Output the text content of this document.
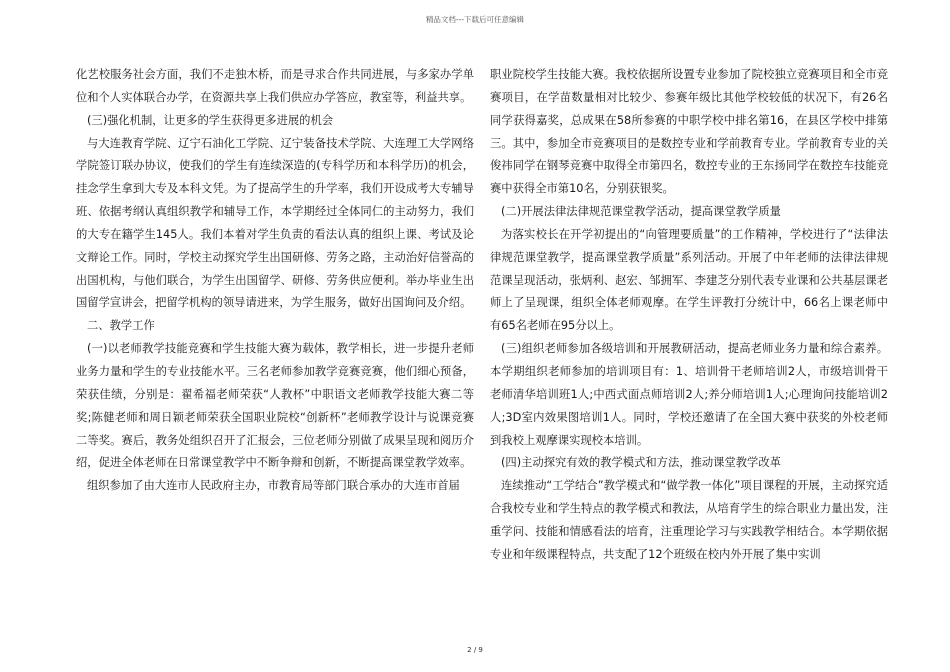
精品文档---下载后可任意编辑

化艺校服务社会方面，我们不走独木桥，而是寻求合作共同进展，与多家办学单位和个人实体联合办学，在资源共享上我们供应办学答应，教室等，利益共享。

(三)强化机制，让更多的学生获得更多进展的机会

与大连教育学院、辽宁石油化工学院、辽宁装备技术学院、大连理工大学网络学院签订联办协议，使我们的学生有连续深造的(专科学历和本科学历)的机会，挂念学生拿到大专及本科文凭。为了提高学生的升学率，我们开设成考大专辅导班、依据考纲认真组织教学和辅导工作，本学期经过全体同仁的主动努力，我们的大专在籍学生145人。我们本着对学生负责的看法认真的组织上课、考试及论文辩论工作。同时，学校主动探究学生出国研修、劳务之路，主动治好信誉高的出国机构，与他们联合，为学生出国留学、研修、劳务供应便利。举办毕业生出国留学宣讲会，把留学机构的领导请进来，为学生服务，做好出国询问及介绍。

二、教学工作

(一)以老师教学技能竞赛和学生技能大赛为载体，教学相长，进一步提升老师业务力量和学生的专业技能水平。三名老师参加教学竞赛竞赛，他们细心预备，荣获佳绩，分别是：翟希福老师荣获“人教杯”中职语文老师教学技能大赛二等奖;陈健老师和周日颖老师荣获全国职业院校“创新杯”老师教学设计与说课竞赛二等奖。赛后，教务处组织召开了汇报会，三位老师分别做了成果呈现和阅历介绍，促进全体老师在日常课堂教学中不断争辩和创新，不断提高课堂教学效率。

组织参加了由大连市人民政府主办，市教育局等部门联合承办的大连市首届

职业院校学生技能大赛。我校依据所设置专业参加了院校独立竞赛项目和全市竞赛项目，在学苗数量相对比较少、参赛年级比其他学校较低的状况下，有26名同学获得嘉奖，总成果在58所参赛的中职学校中排名第16，在县区学校中排第三。其中，参加全市竞赛项目的是数控专业和学前教育专业。学前教育专业的关俊祎同学在钢琴竞赛中取得全市第四名，数控专业的王东扬同学在数控车技能竞赛中获得全市第10名，分别获银奖。

(二)开展法律法律规范课堂教学活动，提高课堂教学质量

为落实校长在开学初提出的“向管理要质量”的工作精神，学校进行了“法律法律规范课堂教学，提高课堂教学质量”系列活动。开展了中年老师的法律法律规范课呈现活动，张炳利、赵宏、邹拥军、李建芝分别代表专业课和公共基层课老师上了呈现课，组织全体老师观摩。在学生评教打分统计中，66名上课老师中有65名老师在95分以上。

(三)组织老师参加各级培训和开展教研活动，提高老师业务力量和综合素养。本学期组织老师参加的培训项目有：1、培训骨干老师培训2人，市级培训骨干老师清华培训班1人;中西式面点师培训2人;养分师培训1人;心理询问技能培训2人;3D室内效果图培训1人。同时，学校还邀请了在全国大赛中获奖的外校老师到我校上观摩课实现校本培训。

(四)主动探究有效的教学模式和方法，推动课堂教学改革

连续推动“工学结合”教学模式和“做学教一体化”项目课程的开展，主动探究适合我校专业和学生特点的教学模式和教法，从培育学生的综合职业力量出发，注重学问、技能和情感看法的培育，注重理论学习与实践教学相结合。本学期依据专业和年级课程特点，共支配了12个班级在校内外开展了集中实训

2 / 9
